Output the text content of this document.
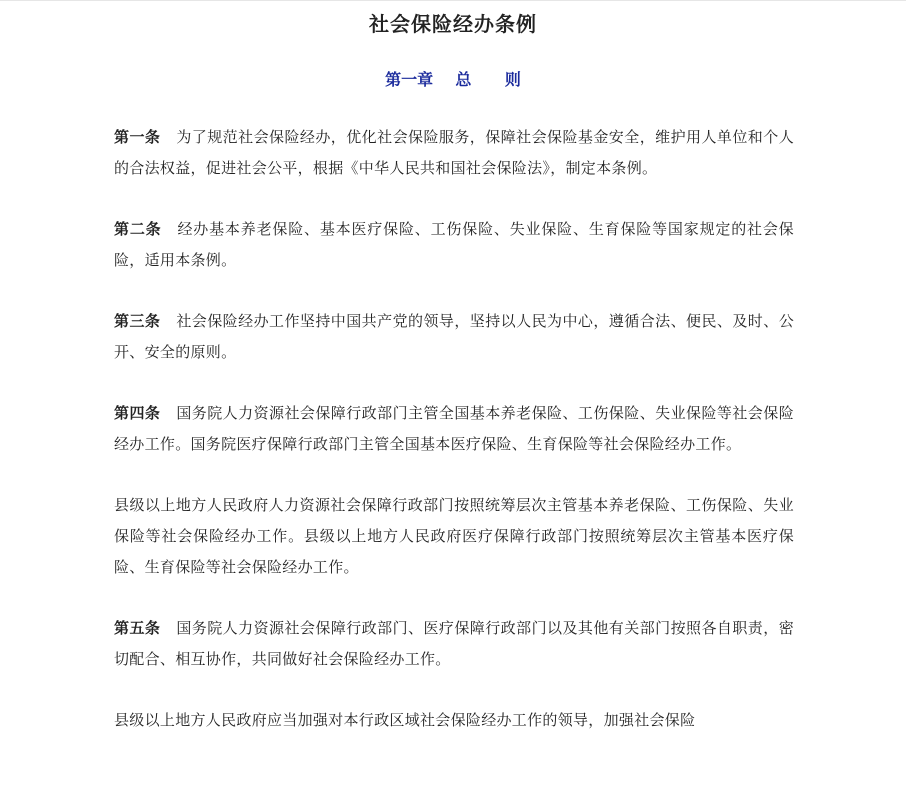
社会保险经办条例
第一章 总 则

第一条 为了规范社会保险经办，优化社会保险服务，保障社会保险基金安全，维护用人单位和个人的合法权益，促进社会公平，根据《中华人民共和国社会保险法》，制定本条例。

第二条 经办基本养老保险、基本医疗保险、工伤保险、失业保险、生育保险等国家规定的社会保险，适用本条例。

第三条 社会保险经办工作坚持中国共产党的领导，坚持以人民为中心，遵循合法、便民、及时、公开、安全的原则。

第四条 国务院人力资源社会保障行政部门主管全国基本养老保险、工伤保险、失业保险等社会保险经办工作。国务院医疗保障行政部门主管全国基本医疗保险、生育保险等社会保险经办工作。

县级以上地方人民政府人力资源社会保障行政部门按照统筹层次主管基本养老保险、工伤保险、失业保险等社会保险经办工作。县级以上地方人民政府医疗保障行政部门按照统筹层次主管基本医疗保险、生育保险等社会保险经办工作。

第五条 国务院人力资源社会保障行政部门、医疗保障行政部门以及其他有关部门按照各自职责，密切配合、相互协作，共同做好社会保险经办工作。

县级以上地方人民政府应当加强对本行政区域社会保险经办工作的领导，加强社会保险
